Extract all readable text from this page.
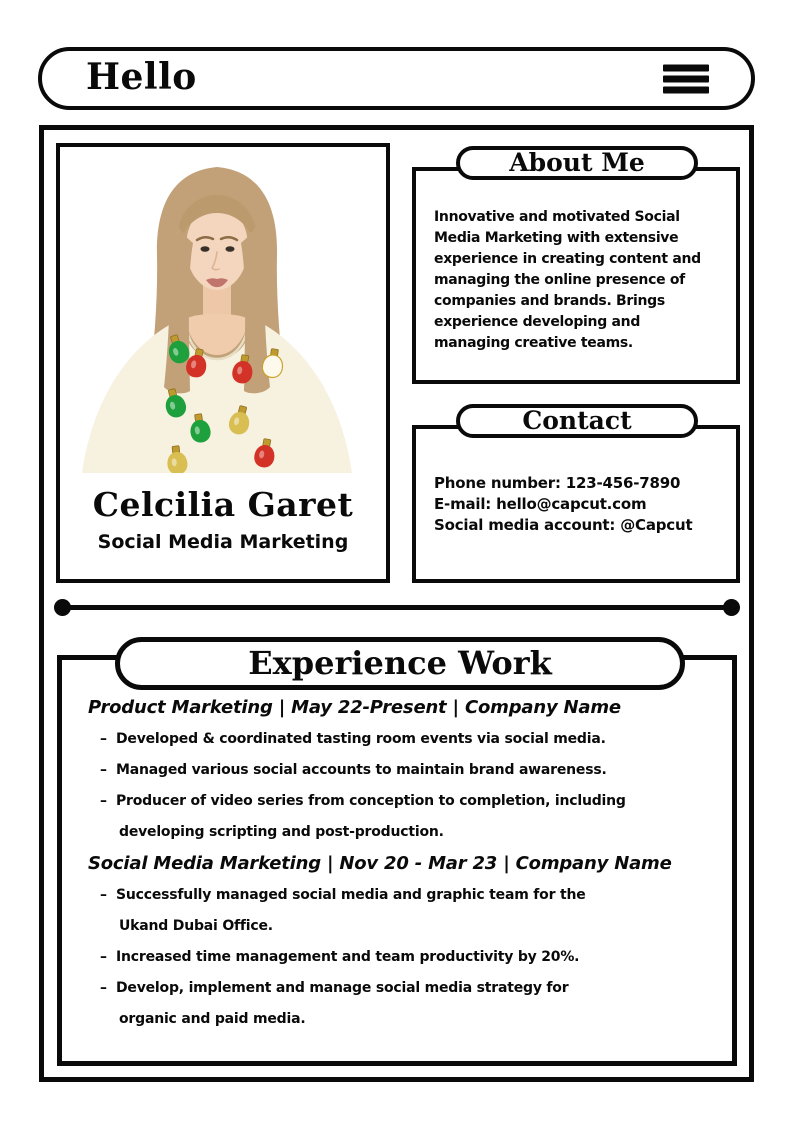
Hello
Celcilia Garet
Social Media Marketing
About Me
Innovative and motivated Social
Media Marketing with extensive
experience in creating content and
managing the online presence of
companies and brands. Brings
experience developing and
managing creative teams.
Contact
Phone number: 123-456-7890
E-mail: hello@capcut.com
Social media account: @Capcut
Experience Work
Product Marketing | May 22-Present | Company Name
– Developed & coordinated tasting room events via social media.
– Managed various social accounts to maintain brand awareness.
– Producer of video series from conception to completion, including
developing scripting and post-production.
Social Media Marketing | Nov 20 - Mar 23 | Company Name
– Successfully managed social media and graphic team for the
Ukand Dubai Office.
– Increased time management and team productivity by 20%.
– Develop, implement and manage social media strategy for
organic and paid media.
